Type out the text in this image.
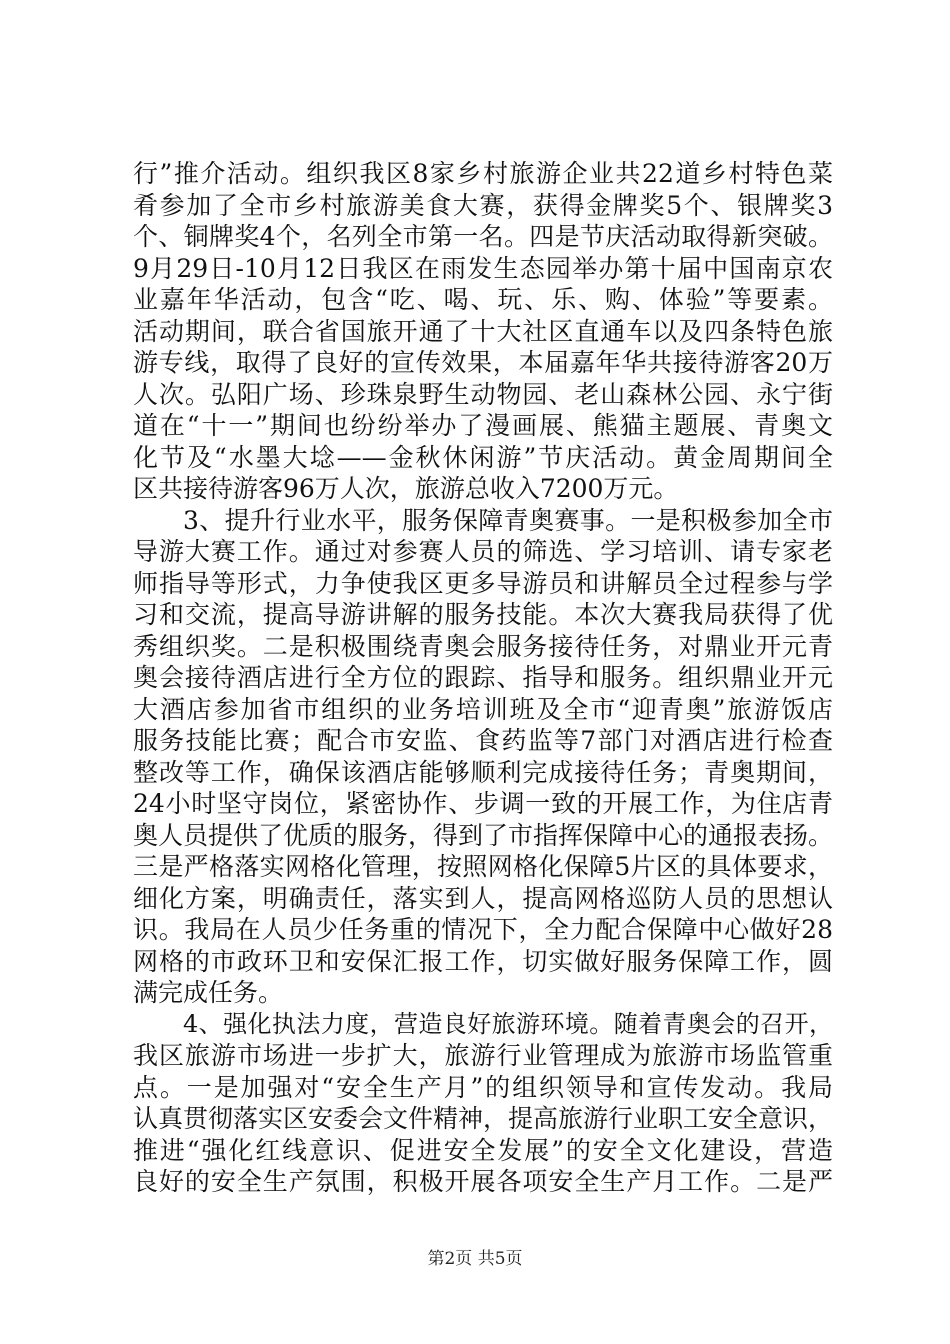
行”推介活动。组织我区8家乡村旅游企业共22道乡村特色菜
肴参加了全市乡村旅游美食大赛，获得金牌奖5个、银牌奖3
个、铜牌奖4个，名列全市第一名。四是节庆活动取得新突破。
9月29日-10月12日我区在雨发生态园举办第十届中国南京农
业嘉年华活动，包含“吃、喝、玩、乐、购、体验”等要素。
活动期间，联合省国旅开通了十大社区直通车以及四条特色旅
游专线，取得了良好的宣传效果，本届嘉年华共接待游客20万
人次。弘阳广场、珍珠泉野生动物园、老山森林公园、永宁街
道在“十一”期间也纷纷举办了漫画展、熊猫主题展、青奥文
化节及“水墨大埝——金秋休闲游”节庆活动。黄金周期间全
区共接待游客96万人次，旅游总收入7200万元。
3、提升行业水平，服务保障青奥赛事。一是积极参加全市
导游大赛工作。通过对参赛人员的筛选、学习培训、请专家老
师指导等形式，力争使我区更多导游员和讲解员全过程参与学
习和交流，提高导游讲解的服务技能。本次大赛我局获得了优
秀组织奖。二是积极围绕青奥会服务接待任务，对鼎业开元青
奥会接待酒店进行全方位的跟踪、指导和服务。组织鼎业开元
大酒店参加省市组织的业务培训班及全市“迎青奥”旅游饭店
服务技能比赛；配合市安监、食药监等7部门对酒店进行检查
整改等工作，确保该酒店能够顺利完成接待任务；青奥期间，
24小时坚守岗位，紧密协作、步调一致的开展工作，为住店青
奥人员提供了优质的服务，得到了市指挥保障中心的通报表扬。
三是严格落实网格化管理，按照网格化保障5片区的具体要求，
细化方案，明确责任，落实到人，提高网格巡防人员的思想认
识。我局在人员少任务重的情况下，全力配合保障中心做好28
网格的市政环卫和安保汇报工作，切实做好服务保障工作，圆
满完成任务。
4、强化执法力度，营造良好旅游环境。随着青奥会的召开，
我区旅游市场进一步扩大，旅游行业管理成为旅游市场监管重
点。一是加强对“安全生产月”的组织领导和宣传发动。我局
认真贯彻落实区安委会文件精神，提高旅游行业职工安全意识，
推进“强化红线意识、促进安全发展”的安全文化建设，营造
良好的安全生产氛围，积极开展各项安全生产月工作。二是严
第2页 共5页
